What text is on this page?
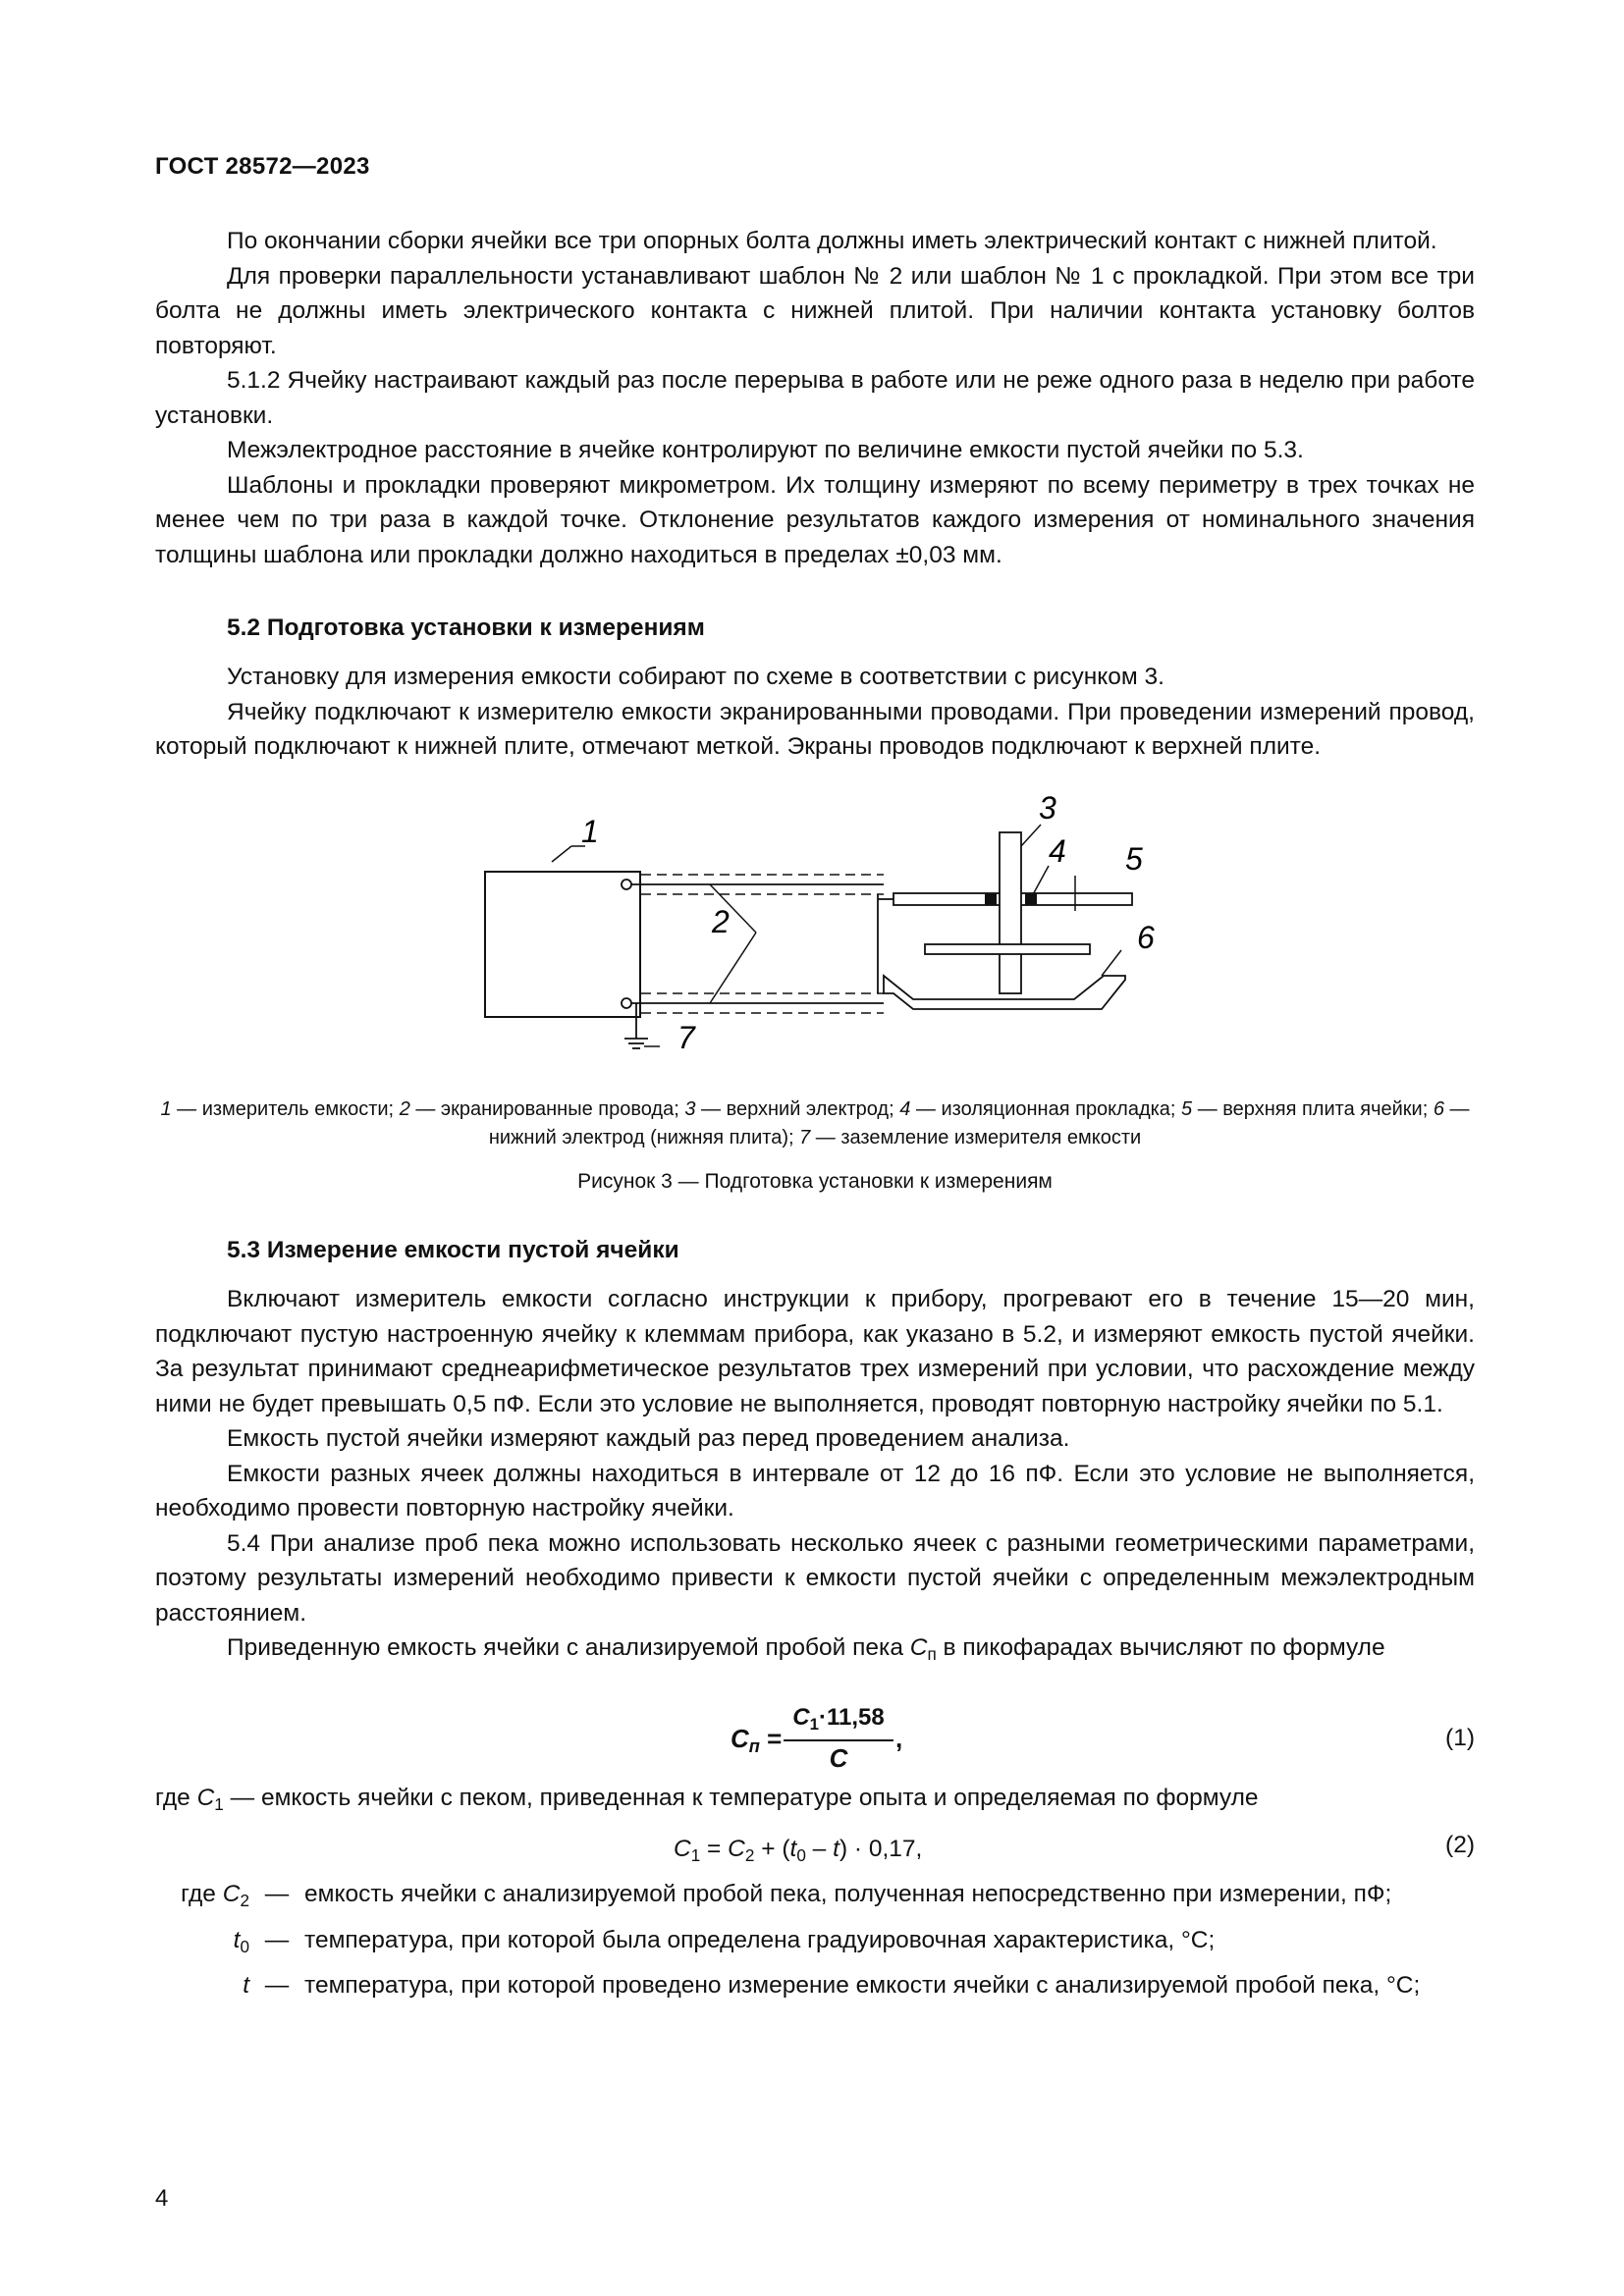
ГОСТ 28572—2023

По окончании сборки ячейки все три опорных болта должны иметь электрический контакт с нижней плитой.

Для проверки параллельности устанавливают шаблон № 2 или шаблон № 1 с прокладкой. При этом все три болта не должны иметь электрического контакта с нижней плитой. При наличии контакта установку болтов повторяют.

5.1.2 Ячейку настраивают каждый раз после перерыва в работе или не реже одного раза в неделю при работе установки.

Межэлектродное расстояние в ячейке контролируют по величине емкости пустой ячейки по 5.3.

Шаблоны и прокладки проверяют микрометром. Их толщину измеряют по всему периметру в трех точках не менее чем по три раза в каждой точке. Отклонение результатов каждого измерения от номинального значения толщины шаблона или прокладки должно находиться в пределах ±0,03 мм.

5.2 Подготовка установки к измерениям

Установку для измерения емкости собирают по схеме в соответствии с рисунком 3.

Ячейку подключают к измерителю емкости экранированными проводами. При проведении измерений провод, который подключают к нижней плите, отмечают меткой. Экраны проводов подключают к верхней плите.

1
2
3
4 5
6
7
1 — измеритель емкости; 2 — экранированные провода; 3 — верхний электрод; 4 — изоляционная прокладка; 5 — верхняя плита ячейки; 6 —нижний электрод (нижняя плита); 7 — заземление измерителя емкости
Рисунок 3 — Подготовка установки к измерениям

5.3 Измерение емкости пустой ячейки

Включают измеритель емкости согласно инструкции к прибору, прогревают его в течение 15—20 мин, подключают пустую настроенную ячейку к клеммам прибора, как указано в 5.2, и измеряют емкость пустой ячейки. За результат принимают среднеарифметическое результатов трех измерений при условии, что расхождение между ними не будет превышать 0,5 пФ. Если это условие не выполняется, проводят повторную настройку ячейки по 5.1.

Емкость пустой ячейки измеряют каждый раз перед проведением анализа.

Емкости разных ячеек должны находиться в интервале от 12 до 16 пФ. Если это условие не выполняется, необходимо провести повторную настройку ячейки.

5.4 При анализе проб пека можно использовать несколько ячеек с разными геометрическими параметрами, поэтому результаты измерений необходимо привести к емкости пустой ячейки с определенным межэлектродным расстоянием.

Приведенную емкость ячейки с анализируемой пробой пека $C_п$ в пикофарадах вычисляют по формуле

$C_п$ =
$C_1\cdot 11,58$
C
,	(1)
где $C_1$ — емкость ячейки с пеком, приведенная к температуре опыта и определяемая по формуле
$C_1 = C_2 + (t_0 - t) \cdot 0,17$,	(2)
где $C_2$ — емкость ячейки с анализируемой пробой пека, полученная непосредственно при измерении, пФ;
$t_0$ — температура, при которой была определена градуировочная характеристика, °С;
t — температура, при которой проведено измерение емкости ячейки с анализируемой пробой пека, °С;
4
